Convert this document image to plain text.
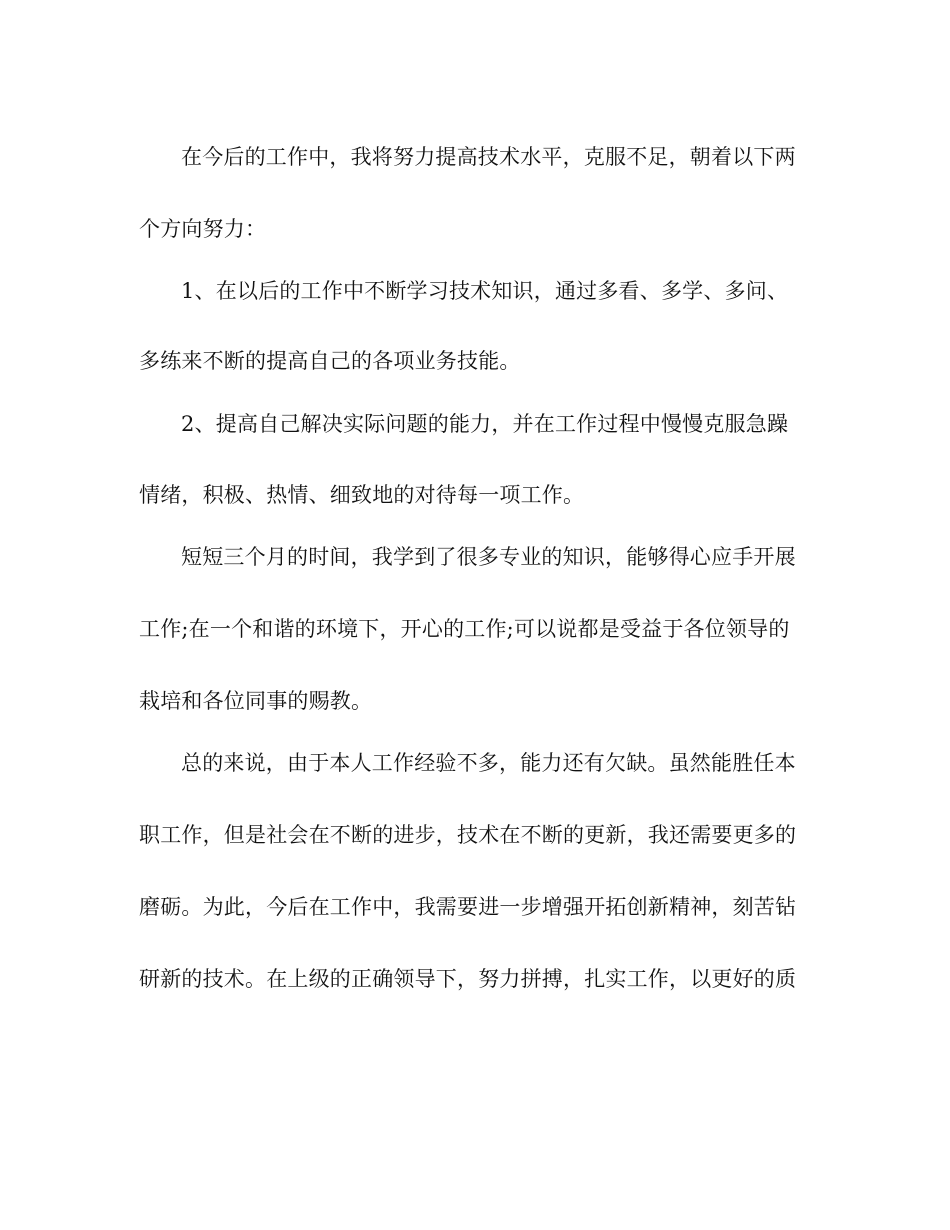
在今后的工作中，我将努力提高技术水平，克服不足，朝着以下两
个方向努力：
1、在以后的工作中不断学习技术知识，通过多看、多学、多问、
多练来不断的提高自己的各项业务技能。
2、提高自己解决实际问题的能力，并在工作过程中慢慢克服急躁
情绪，积极、热情、细致地的对待每一项工作。
短短三个月的时间，我学到了很多专业的知识，能够得心应手开展
工作;在一个和谐的环境下，开心的工作;可以说都是受益于各位领导的
栽培和各位同事的赐教。
总的来说，由于本人工作经验不多，能力还有欠缺。虽然能胜任本
职工作，但是社会在不断的进步，技术在不断的更新，我还需要更多的
磨砺。为此，今后在工作中，我需要进一步增强开拓创新精神，刻苦钻
研新的技术。在上级的正确领导下，努力拼搏，扎实工作，以更好的质
